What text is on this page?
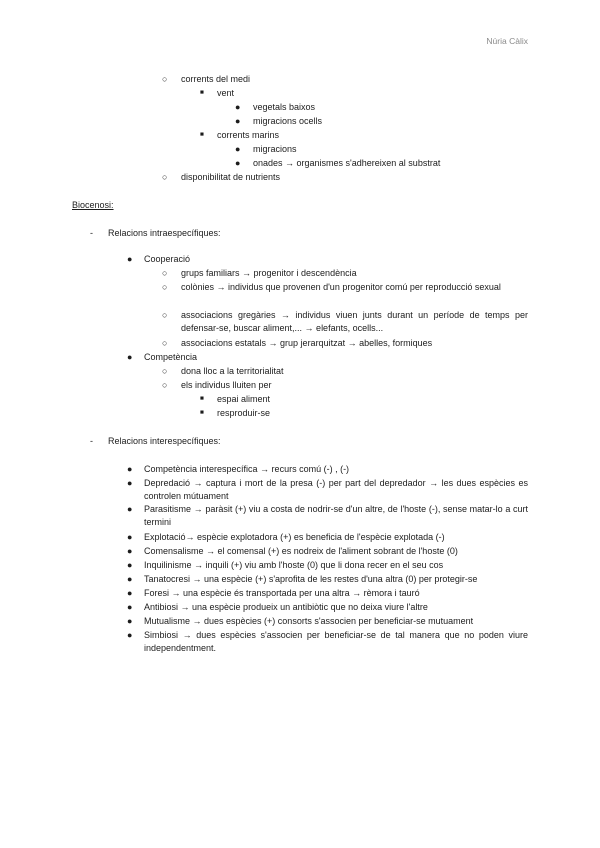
Núria Càlix
○ corrents del medi
■ vent
● vegetals baixos
● migracions ocells
■ corrents marins
● migracions
● onades → organismes s'adhereixen al substrat
○ disponibilitat de nutrients
Biocenosi:
- Relacions intraespecífiques:
● Cooperació
○ grups familiars → progenitor i descendència
○ colònies → individus que provenen d'un progenitor comú per reproducció sexual
○ associacions gregàries → individus viuen junts durant un període de temps per defensar-se, buscar aliment,... → elefants, ocells...
○ associacions estatals → grup jerarquitzat → abelles, formiques
● Competència
○ dona lloc a la territorialitat
○ els individus lluiten per
■ espai aliment
■ resproduir-se
- Relacions interespecífiques:
● Competència interespecífica → recurs comú (-) , (-)
● Depredació → captura i mort de la presa (-) per part del depredador → les dues espècies es controlen mútuament
● Parasitisme → paràsit (+) viu a costa de nodrir-se d'un altre, de l'hoste (-), sense matar-lo a curt termini
● Explotació→ espècie explotadora (+) es beneficia de l'espècie explotada (-)
● Comensalisme → el comensal (+) es nodreix de l'aliment sobrant de l'hoste (0)
● Inquilinisme → inquili (+) viu amb l'hoste (0) que li dona recer en el seu cos
● Tanatocresi → una espècie (+) s'aprofita de les restes d'una altra (0) per protegir-se
● Foresi → una espècie és transportada per una altra → rèmora i tauró
● Antibiosi → una espècie produeix un antibiòtic que no deixa viure l'altre
● Mutualisme → dues espècies (+) consorts s'associen per beneficiar-se mutuament
● Simbiosi → dues espècies s'associen per beneficiar-se de tal manera que no poden viure independentment.
